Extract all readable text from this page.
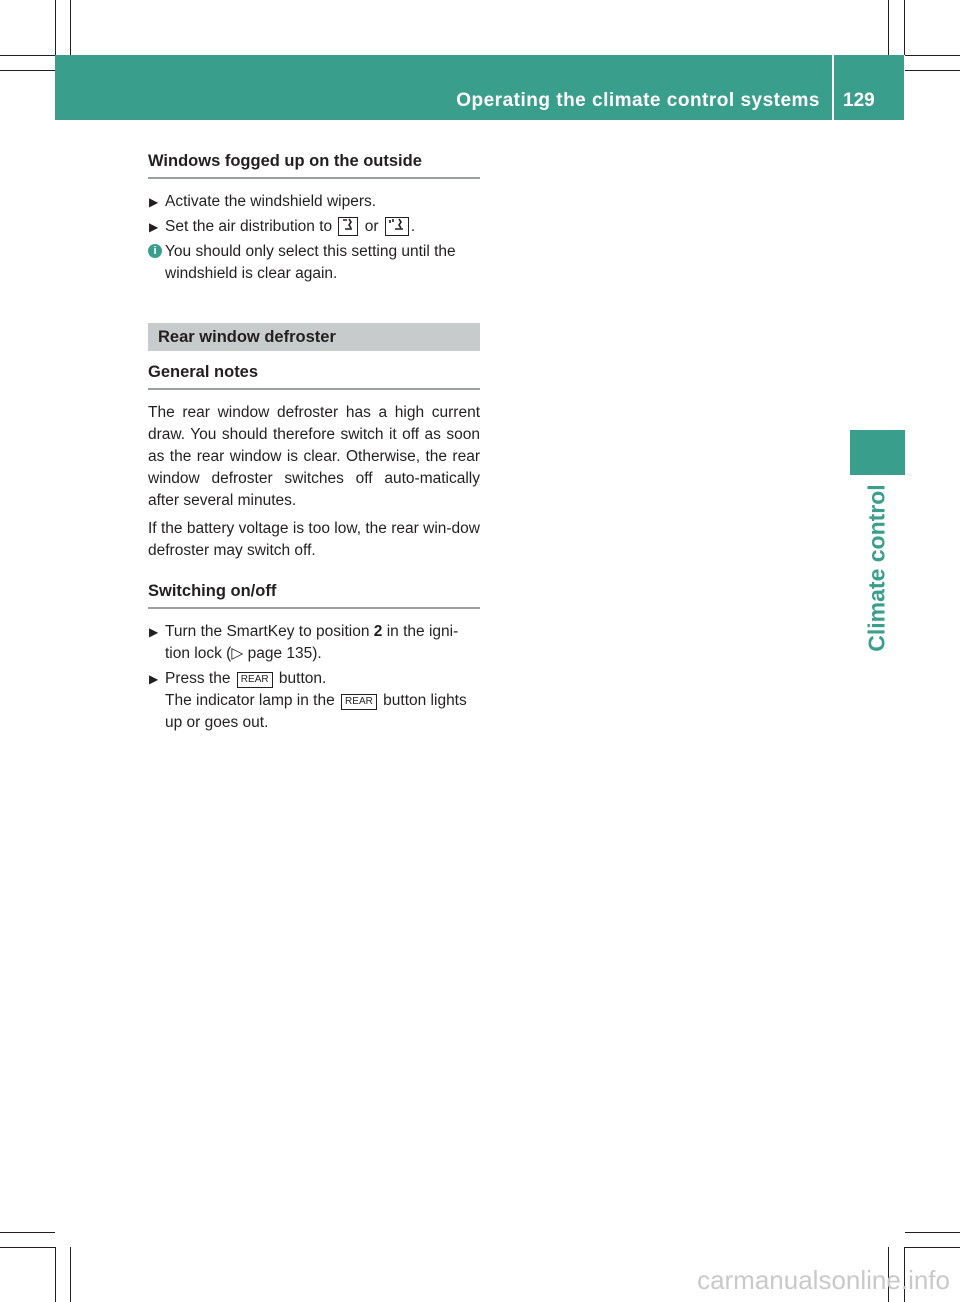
Operating the climate control systems 129
Climate control
Windows fogged up on the outside
▶ Activate the windshield wipers.
▶ Set the air distribution to or .
i You should only select this setting until the windshield is clear again.
Rear window defroster
General notes

The rear window defroster has a high current draw. You should therefore switch it off as soon as the rear window is clear. Otherwise, the rear window defroster switches off auto-matically after several minutes.

If the battery voltage is too low, the rear win-dow defroster may switch off.

Switching on/off
▶ Turn the SmartKey to position 2 in the igni-tion lock (▷ page 135).
▶ Press the REAR button.
The indicator lamp in the REAR button lights up or goes out.
carmanualsonline.info
